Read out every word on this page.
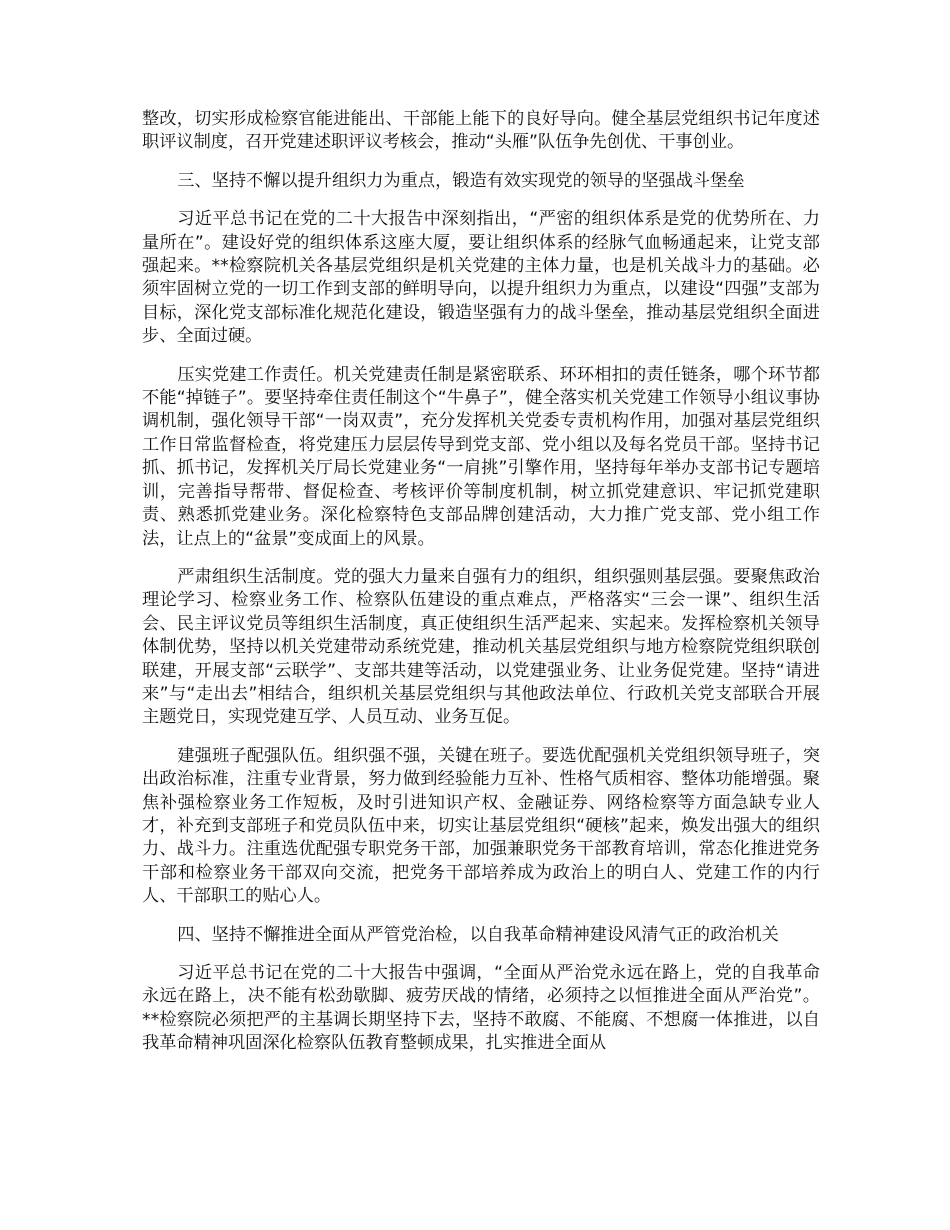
整改，切实形成检察官能进能出、干部能上能下的良好导向。健全基层党组织书记年度述职评议制度，召开党建述职评议考核会，推动“头雁”队伍争先创优、干事创业。

三、坚持不懈以提升组织力为重点，锻造有效实现党的领导的坚强战斗堡垒

习近平总书记在党的二十大报告中深刻指出，“严密的组织体系是党的优势所在、力量所在”。建设好党的组织体系这座大厦，要让组织体系的经脉气血畅通起来，让党支部强起来。**检察院机关各基层党组织是机关党建的主体力量，也是机关战斗力的基础。必须牢固树立党的一切工作到支部的鲜明导向，以提升组织力为重点，以建设“四强”支部为目标，深化党支部标准化规范化建设，锻造坚强有力的战斗堡垒，推动基层党组织全面进步、全面过硬。

压实党建工作责任。机关党建责任制是紧密联系、环环相扣的责任链条，哪个环节都不能“掉链子”。要坚持牵住责任制这个“牛鼻子”，健全落实机关党建工作领导小组议事协调机制，强化领导干部“一岗双责”，充分发挥机关党委专责机构作用，加强对基层党组织工作日常监督检查，将党建压力层层传导到党支部、党小组以及每名党员干部。坚持书记抓、抓书记，发挥机关厅局长党建业务“一肩挑”引擎作用，坚持每年举办支部书记专题培训，完善指导帮带、督促检查、考核评价等制度机制，树立抓党建意识、牢记抓党建职责、熟悉抓党建业务。深化检察特色支部品牌创建活动，大力推广党支部、党小组工作法，让点上的“盆景”变成面上的风景。

严肃组织生活制度。党的强大力量来自强有力的组织，组织强则基层强。要聚焦政治理论学习、检察业务工作、检察队伍建设的重点难点，严格落实“三会一课”、组织生活会、民主评议党员等组织生活制度，真正使组织生活严起来、实起来。发挥检察机关领导体制优势，坚持以机关党建带动系统党建，推动机关基层党组织与地方检察院党组织联创联建，开展支部“云联学”、支部共建等活动，以党建强业务、让业务促党建。坚持“请进来”与“走出去”相结合，组织机关基层党组织与其他政法单位、行政机关党支部联合开展主题党日，实现党建互学、人员互动、业务互促。

建强班子配强队伍。组织强不强，关键在班子。要选优配强机关党组织领导班子，突出政治标准，注重专业背景，努力做到经验能力互补、性格气质相容、整体功能增强。聚焦补强检察业务工作短板，及时引进知识产权、金融证券、网络检察等方面急缺专业人才，补充到支部班子和党员队伍中来，切实让基层党组织“硬核”起来，焕发出强大的组织力、战斗力。注重选优配强专职党务干部，加强兼职党务干部教育培训，常态化推进党务干部和检察业务干部双向交流，把党务干部培养成为政治上的明白人、党建工作的内行人、干部职工的贴心人。

四、坚持不懈推进全面从严管党治检，以自我革命精神建设风清气正的政治机关

习近平总书记在党的二十大报告中强调，“全面从严治党永远在路上，党的自我革命永远在路上，决不能有松劲歇脚、疲劳厌战的情绪，必须持之以恒推进全面从严治党”。**检察院必须把严的主基调长期坚持下去，坚持不敢腐、不能腐、不想腐一体推进，以自我革命精神巩固深化检察队伍教育整顿成果，扎实推进全面从
